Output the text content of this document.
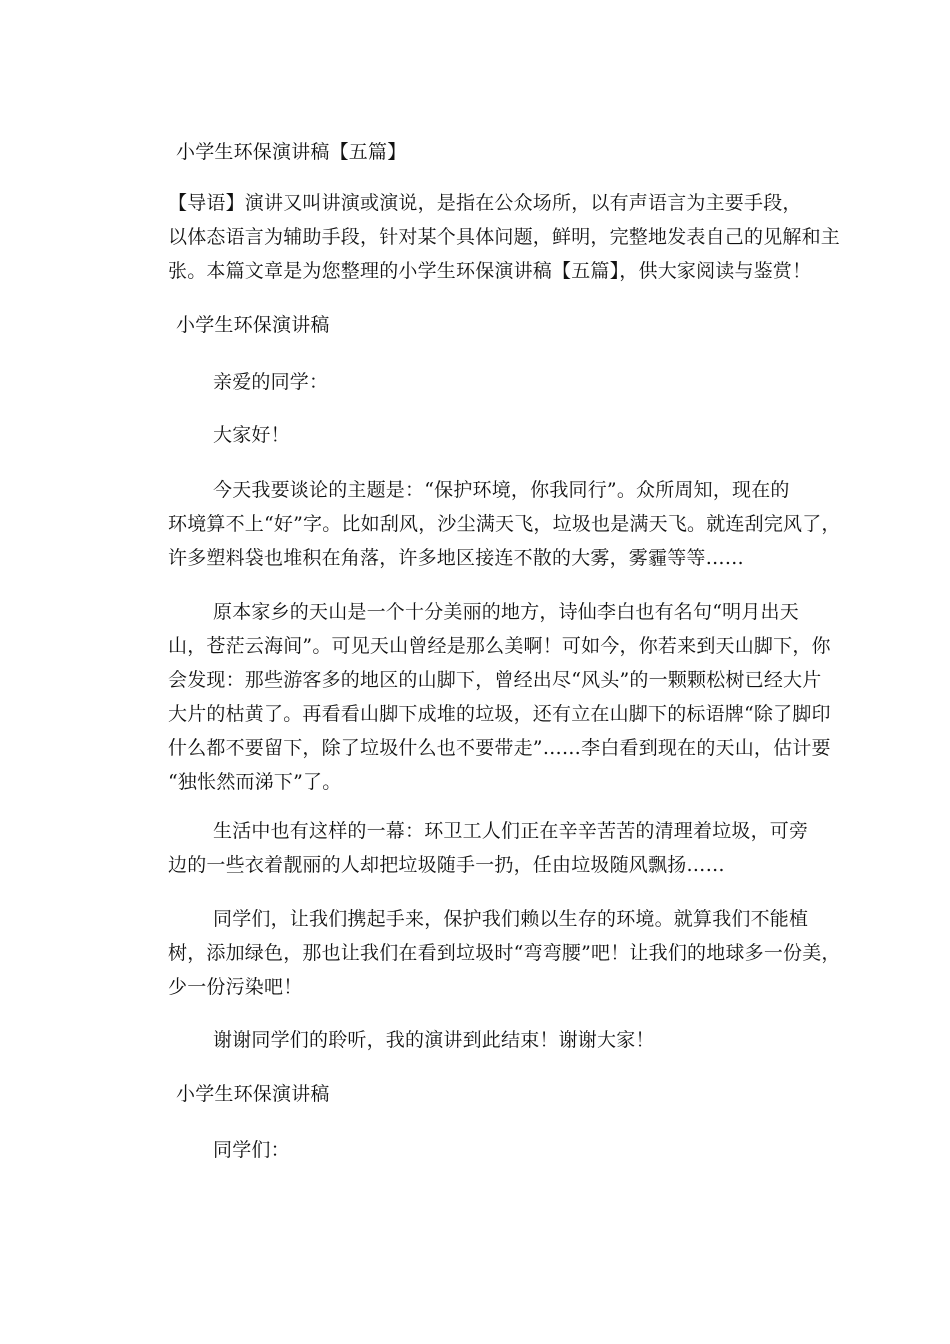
小学生环保演讲稿【五篇】

【导语】演讲又叫讲演或演说，是指在公众场所，以有声语言为主要手段，

以体态语言为辅助手段，针对某个具体问题，鲜明，完整地发表自己的见解和主

张。本篇文章是为您整理的小学生环保演讲稿【五篇】，供大家阅读与鉴赏！

小学生环保演讲稿
亲爱的同学：
大家好！

今天我要谈论的主题是：“保护环境，你我同行”。众所周知，现在的

环境算不上“好”字。比如刮风，沙尘满天飞，垃圾也是满天飞。就连刮完风了，

许多塑料袋也堆积在角落，许多地区接连不散的大雾，雾霾等等……

原本家乡的天山是一个十分美丽的地方，诗仙李白也有名句“明月出天

山，苍茫云海间”。可见天山曾经是那么美啊！可如今，你若来到天山脚下，你

会发现：那些游客多的地区的山脚下，曾经出尽“风头”的一颗颗松树已经大片

大片的枯黄了。再看看山脚下成堆的垃圾，还有立在山脚下的标语牌“除了脚印

什么都不要留下，除了垃圾什么也不要带走”……李白看到现在的天山，估计要

“独怅然而涕下”了。

生活中也有这样的一幕：环卫工人们正在辛辛苦苦的清理着垃圾，可旁

边的一些衣着靓丽的人却把垃圾随手一扔，任由垃圾随风飘扬……

同学们，让我们携起手来，保护我们赖以生存的环境。就算我们不能植

树，添加绿色，那也让我们在看到垃圾时“弯弯腰”吧！让我们的地球多一份美，

少一份污染吧！

谢谢同学们的聆听，我的演讲到此结束！谢谢大家！
小学生环保演讲稿
同学们：
